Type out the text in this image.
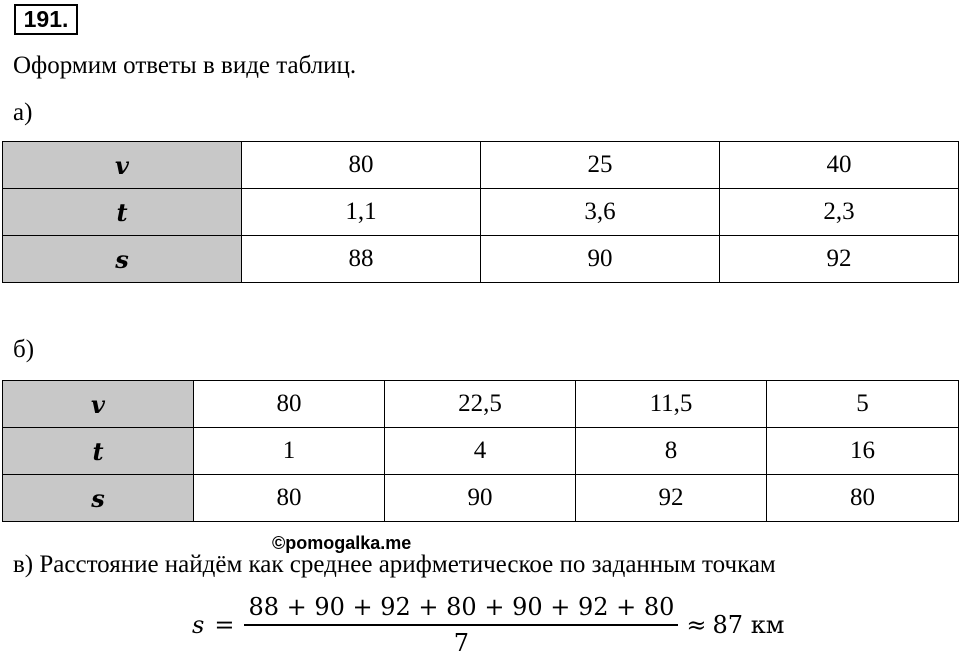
191.
Оформим ответы в виде таблиц.
а)
v	80	25	40
t	1,1	3,6	2,3
s	88	90	92
б)
v	80	22,5	11,5	5
t	1	4	8	16
s	80	90	92	80
©pomogalka.me
в) Расстояние найдём как среднее арифметическое по заданным точкам
$s = \frac{88 + 90 + 92 + 80 + 90 + 92 + 80}{7} \approx 87$ км
